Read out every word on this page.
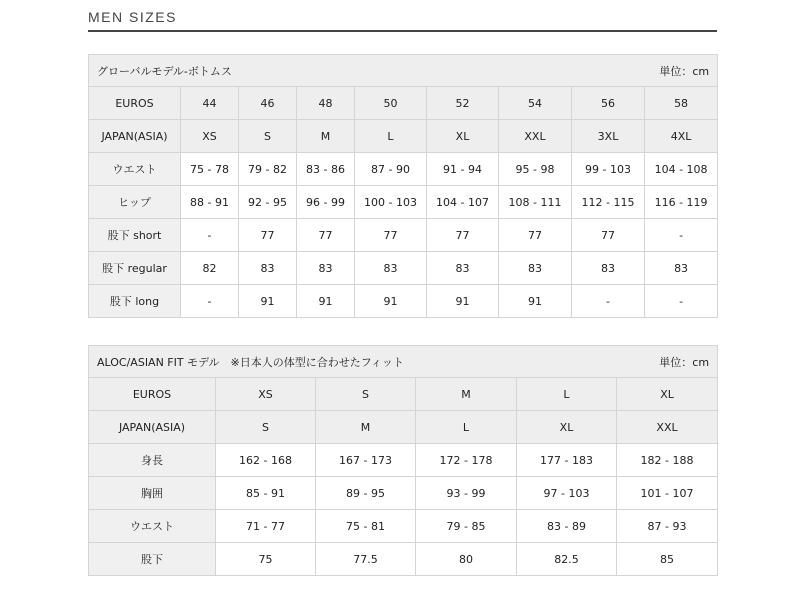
MEN SIZES
グローバルモデル-ボトムス 単位：cm								

EUROS	44	46	48	50	52	54	56	58
JAPAN(ASIA)	XS	S	M	L	XL	XXL	3XL	4XL
ウエスト	75 - 78	79 - 82	83 - 86	87 - 90	91 - 94	95 - 98	99 - 103	104 - 108
ヒップ	88 - 91	92 - 95	96 - 99	100 - 103	104 - 107	108 - 111	112 - 115	116 - 119
股下 short	-	77	77	77	77	77	77	-
股下 regular	82	83	83	83	83	83	83	83
股下 long	-	91	91	91	91	91	-	-
ALOC/ASIAN FIT モデル　※日本人の体型に合わせたフィット 単位：cm					

EUROS	XS	S	M	L	XL
JAPAN(ASIA)	S	M	L	XL	XXL
身長	162 - 168	167 - 173	172 - 178	177 - 183	182 - 188
胸囲	85 - 91	89 - 95	93 - 99	97 - 103	101 - 107
ウエスト	71 - 77	75 - 81	79 - 85	83 - 89	87 - 93
股下	75	77.5	80	82.5	85
